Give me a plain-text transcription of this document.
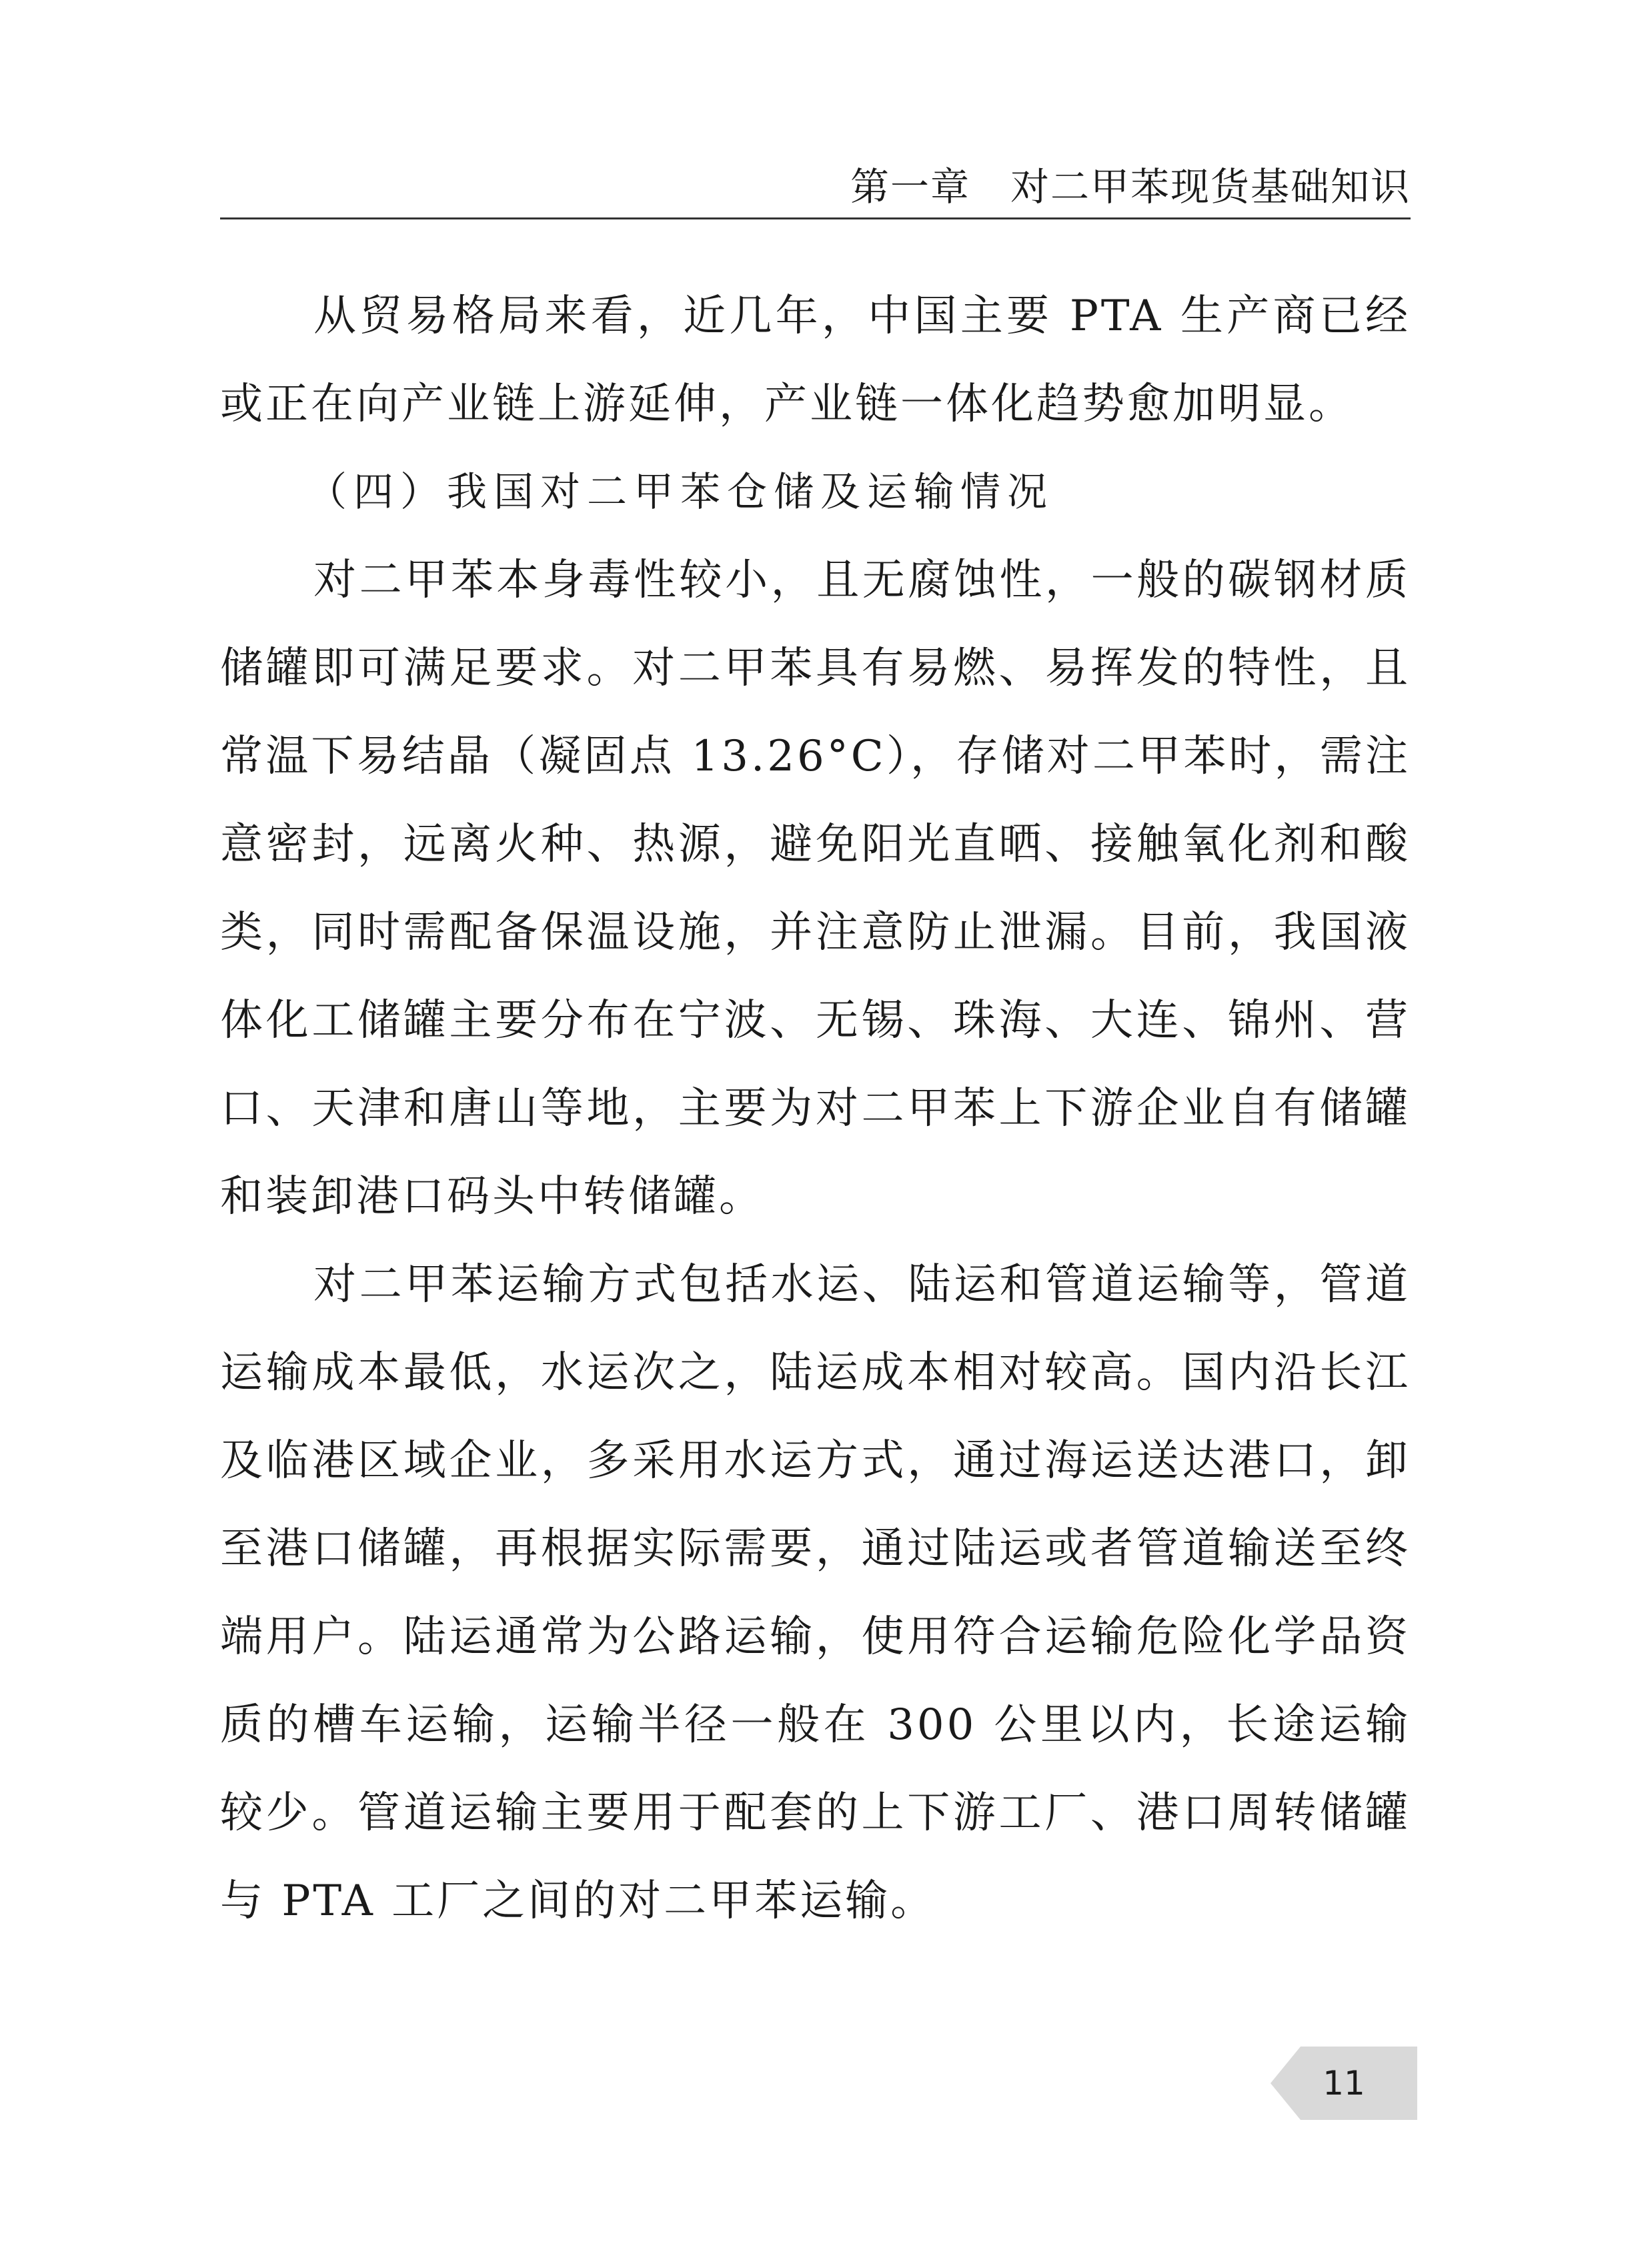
第一章　对二甲苯现货基础知识

从贸易格局来看，近几年，中国主要 PTA 生产商已经或正在向产业链上游延伸，产业链一体化趋势愈加明显。

（四）我国对二甲苯仓储及运输情况

对二甲苯本身毒性较小，且无腐蚀性，一般的碳钢材质储罐即可满足要求。对二甲苯具有易燃、易挥发的特性，且常温下易结晶（凝固点 13.26°C），存储对二甲苯时，需注意密封，远离火种、热源，避免阳光直晒、接触氧化剂和酸类，同时需配备保温设施，并注意防止泄漏。目前，我国液体化工储罐主要分布在宁波、无锡、珠海、大连、锦州、营口、天津和唐山等地，主要为对二甲苯上下游企业自有储罐和装卸港口码头中转储罐。

对二甲苯运输方式包括水运、陆运和管道运输等，管道运输成本最低，水运次之，陆运成本相对较高。国内沿长江及临港区域企业，多采用水运方式，通过海运送达港口，卸至港口储罐，再根据实际需要，通过陆运或者管道输送至终端用户。陆运通常为公路运输，使用符合运输危险化学品资质的槽车运输，运输半径一般在 300 公里以内，长途运输较少。管道运输主要用于配套的上下游工厂、港口周转储罐与 PTA 工厂之间的对二甲苯运输。

11
